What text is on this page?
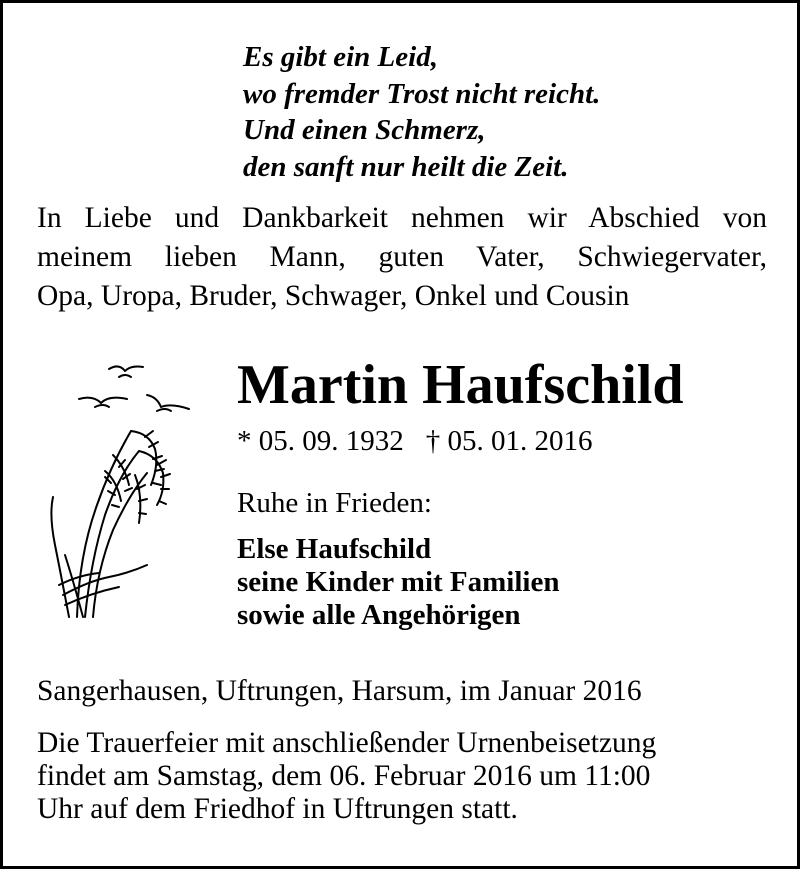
Es gibt ein Leid,
wo fremder Trost nicht reicht.
Und einen Schmerz,
den sanft nur heilt die Zeit.
In Liebe und Dankbarkeit nehmen wir Abschied von
meinem lieben Mann, guten Vater, Schwiegervater,
Opa, Uropa, Bruder, Schwager, Onkel und Cousin
Martin Haufschild
* 05. 09. 1932 † 05. 01. 2016
Ruhe in Frieden:
Else Haufschild
seine Kinder mit Familien
sowie alle Angehörigen
Sangerhausen, Uftrungen, Harsum, im Januar 2016
Die Trauerfeier mit anschließender Urnenbeisetzung
findet am Samstag, dem 06. Februar 2016 um 11:00
Uhr auf dem Friedhof in Uftrungen statt.
